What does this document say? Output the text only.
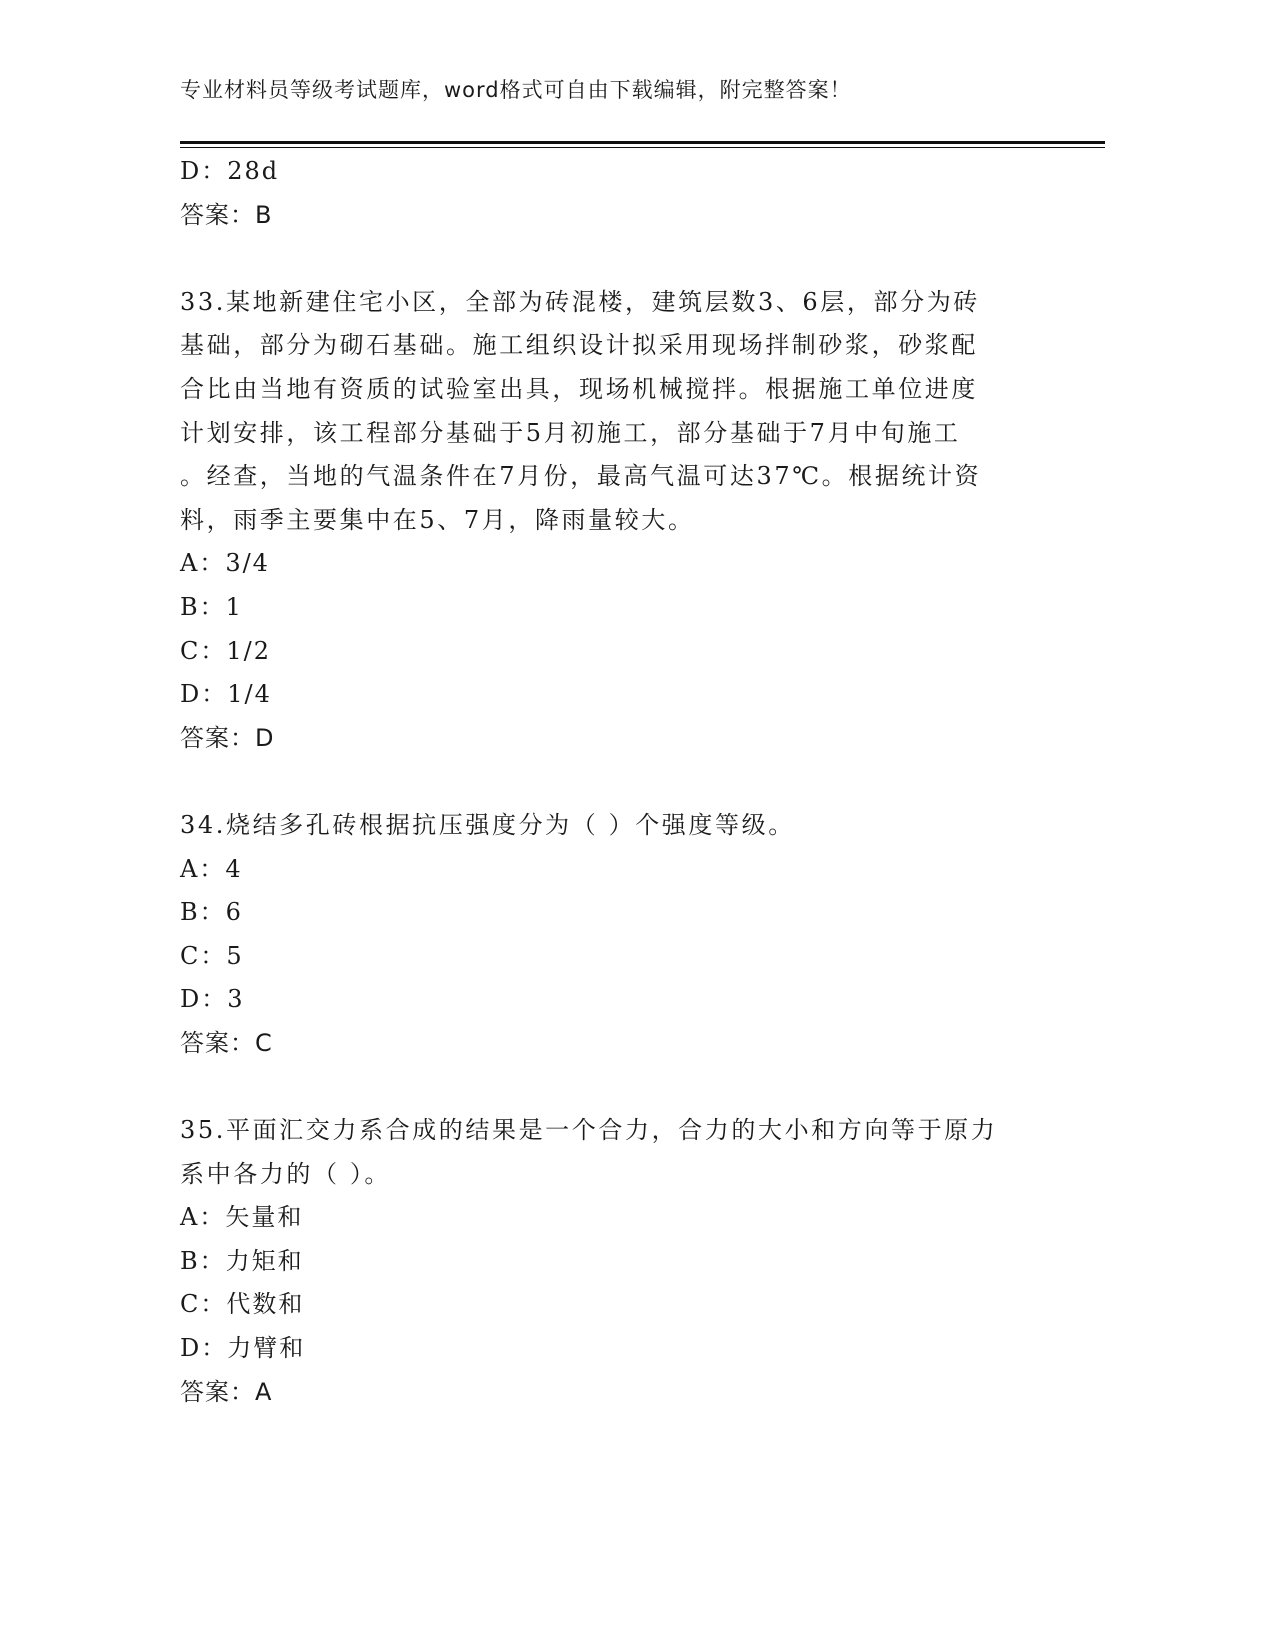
专业材料员等级考试题库，word格式可自由下载编辑，附完整答案！
D：28d
答案：B
33.某地新建住宅小区，全部为砖混楼，建筑层数3、6层，部分为砖
基础，部分为砌石基础。施工组织设计拟采用现场拌制砂浆，砂浆配
合比由当地有资质的试验室出具，现场机械搅拌。根据施工单位进度
计划安排，该工程部分基础于5月初施工，部分基础于7月中旬施工
。经查，当地的气温条件在7月份，最高气温可达37℃。根据统计资
料，雨季主要集中在5、7月，降雨量较大。
A：3/4
B：1
C：1/2
D：1/4
答案：D
34.烧结多孔砖根据抗压强度分为（ ）个强度等级。
A：4
B：6
C：5
D：3
答案：C
35.平面汇交力系合成的结果是一个合力，合力的大小和方向等于原力
系中各力的（ ）。
A：矢量和
B：力矩和
C：代数和
D：力臂和
答案：A
